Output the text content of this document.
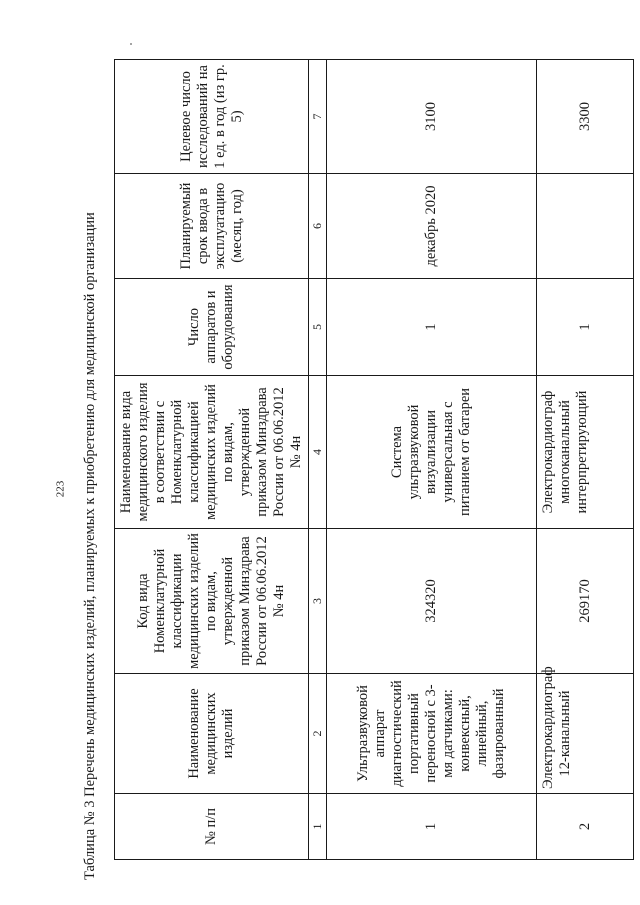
223 Таблица № 3 Перечень медицинских изделий, планируемых к приобретению для медицинской организации	№ п/п	Наименование медицинских изделий	Код вида Номенклатурной классификации медицинских изделий по видам, утвержденной приказом Минздрава России от 06.06.2012 № 4н	Наименование вида медицинского изделия в соответствии с Номенклатурной классификацией медицинских изделий по видам, утвержденной приказом Минздрава России от 06.06.2012 № 4н	Число аппаратов и оборудования	Планируемый срок ввода в эксплуатацию (месяц, год)	Целевое число исследований на 1 ед. в год (из гр. 5)
1	2	3	4	5	6	7
1	Ультразвуковой аппарат диагностический портативный переносной с 3-мя датчиками: конвексный, линейный, фазированный	324320	Система ультразвуковой визуализации универсальная с питанием от батареи	1	декабрь 2020	3100
2	Электрокардиограф 12-канальный	269170	Электрокардиограф многоканальный интерпретирующий	1		3300
